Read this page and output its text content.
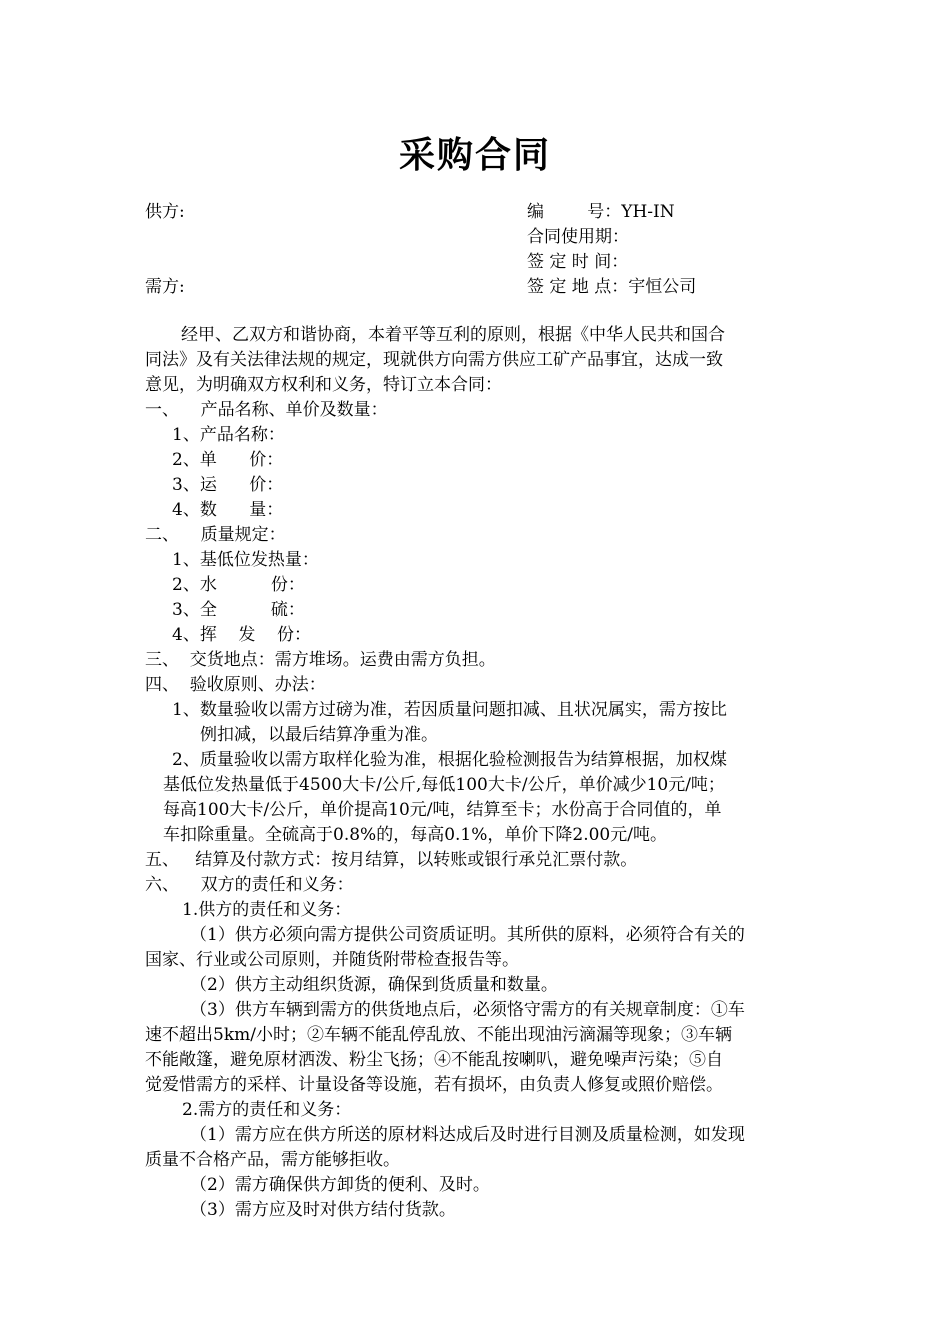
采购合同
供方:	编        号：YH-IN
合同使用期：
签 定 时 间：
需方:	签 定 地 点：宇恒公司
经甲、乙双方和谐协商，本着平等互利的原则，根据《中华人民共和国合
同法》及有关法律法规的规定，现就供方向需方供应工矿产品事宜，达成一致
意见，为明确双方权利和义务，特订立本合同：
一、    产品名称、单价及数量：
1、产品名称：
2、单      价：
3、运      价：
4、数      量：
二、    质量规定：
1、基低位发热量：
2、水          份：
3、全          硫：
4、挥    发    份：
三、  交货地点：需方堆场。运费由需方负担。
四、  验收原则、办法：
1、数量验收以需方过磅为准，若因质量问题扣减、且状况属实，需方按比
例扣减，以最后结算净重为准。
2、质量验收以需方取样化验为准，根据化验检测报告为结算根据，加权煤
基低位发热量低于4500大卡/公斤,每低100大卡/公斤，单价减少10元/吨；
每高100大卡/公斤，单价提高10元/吨，结算至卡；水份高于合同值的，单
车扣除重量。全硫高于0.8%的，每高0.1%，单价下降2.00元/吨。
五、   结算及付款方式：按月结算，以转账或银行承兑汇票付款。
六、    双方的责任和义务：
1.供方的责任和义务：
（1）供方必须向需方提供公司资质证明。其所供的原料，必须符合有关的
国家、行业或公司原则，并随货附带检查报告等。
（2）供方主动组织货源，确保到货质量和数量。
（3）供方车辆到需方的供货地点后，必须恪守需方的有关规章制度：①车
速不超出5km/小时；②车辆不能乱停乱放、不能出现油污滴漏等现象；③车辆
不能敞篷，避免原材洒泼、粉尘飞扬；④不能乱按喇叭，避免噪声污染；⑤自
觉爱惜需方的采样、计量设备等设施，若有损坏，由负责人修复或照价赔偿。
2.需方的责任和义务：
（1）需方应在供方所送的原材料达成后及时进行目测及质量检测，如发现
质量不合格产品，需方能够拒收。
（2）需方确保供方卸货的便利、及时。
（3）需方应及时对供方结付货款。
